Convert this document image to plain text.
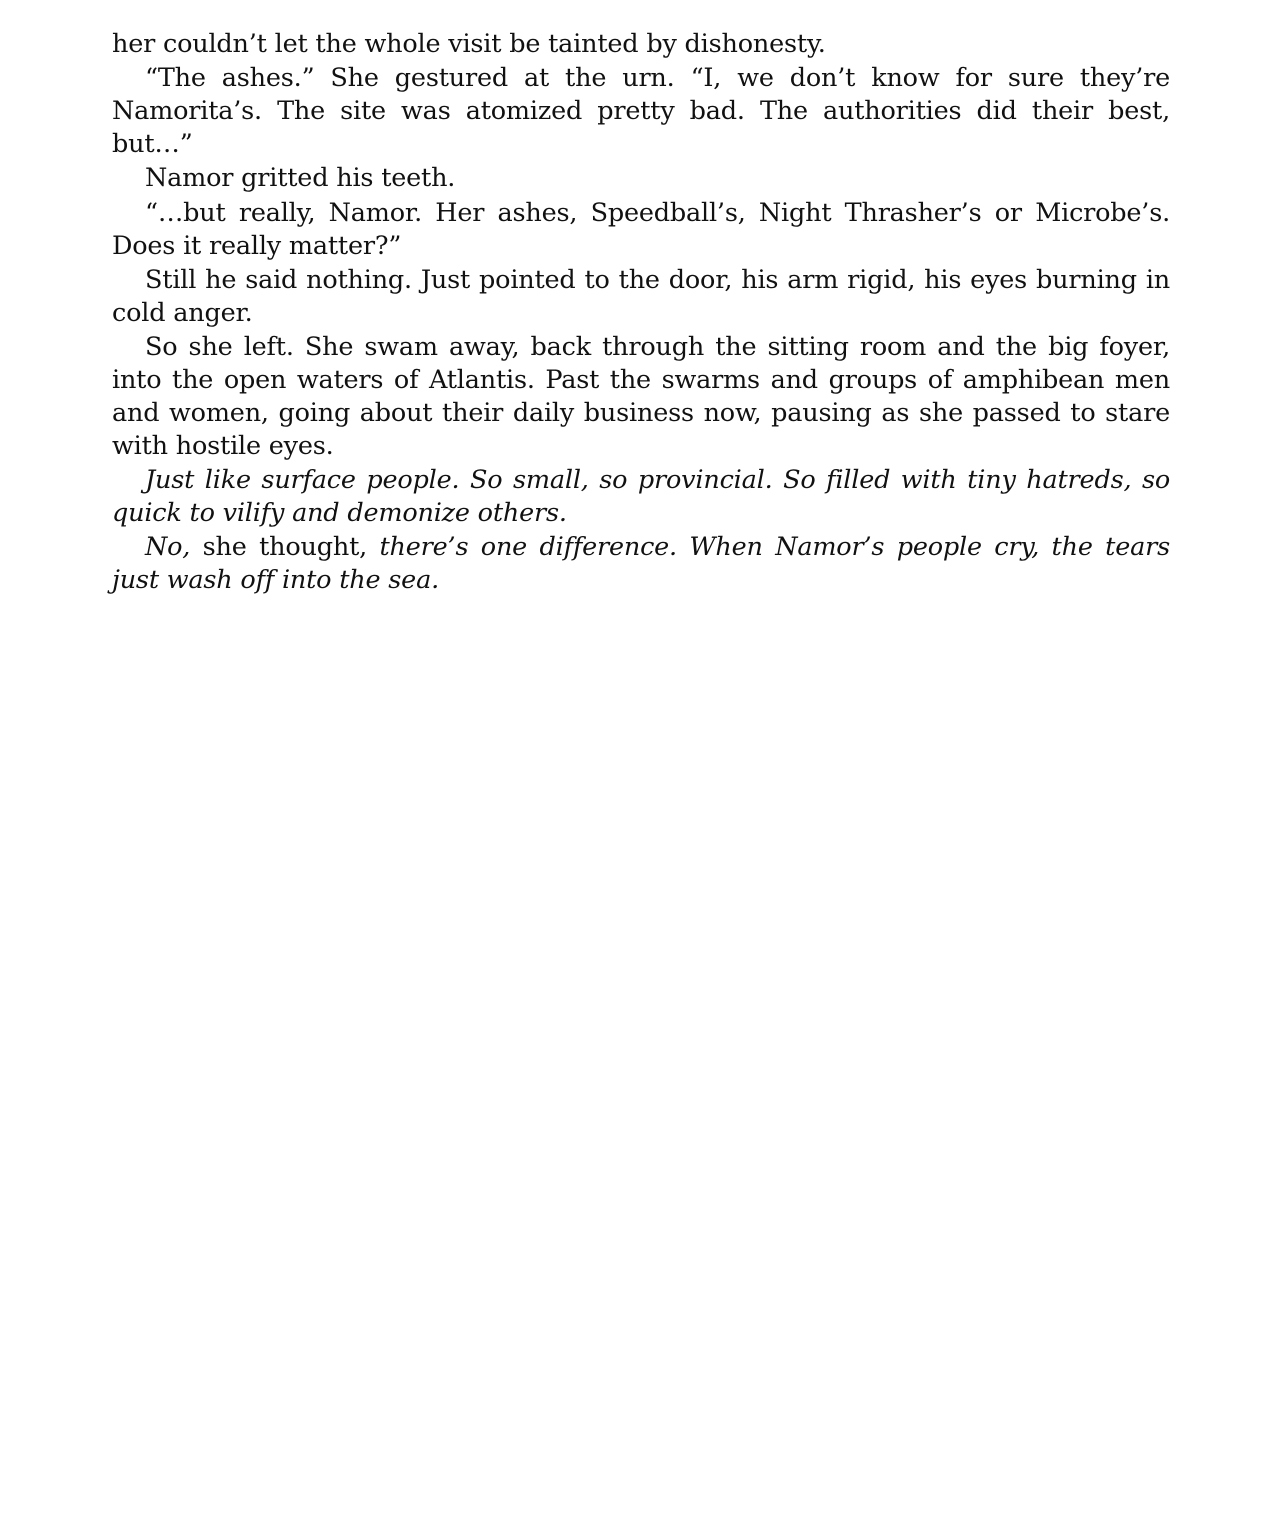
her couldn’t let the whole visit be tainted by dishonesty.

“The ashes.” She gestured at the urn. “I, we don’t know for sure they’re Namorita’s. The site was atomized pretty bad. The authorities did their best, but…”

Namor gritted his teeth.

“…but really, Namor. Her ashes, Speedball’s, Night Thrasher’s or Microbe’s. Does it really matter?”

Still he said nothing. Just pointed to the door, his arm rigid, his eyes burning in cold anger.

So she left. She swam away, back through the sitting room and the big foyer, into the open waters of Atlantis. Past the swarms and groups of amphibean men and women, going about their daily business now, pausing as she passed to stare with hostile eyes.

Just like surface people. So small, so provincial. So filled with tiny hatreds, so quick to vilify and demonize others.

No, she thought, there’s one difference. When Namor’s people cry, the tears just wash off into the sea.
